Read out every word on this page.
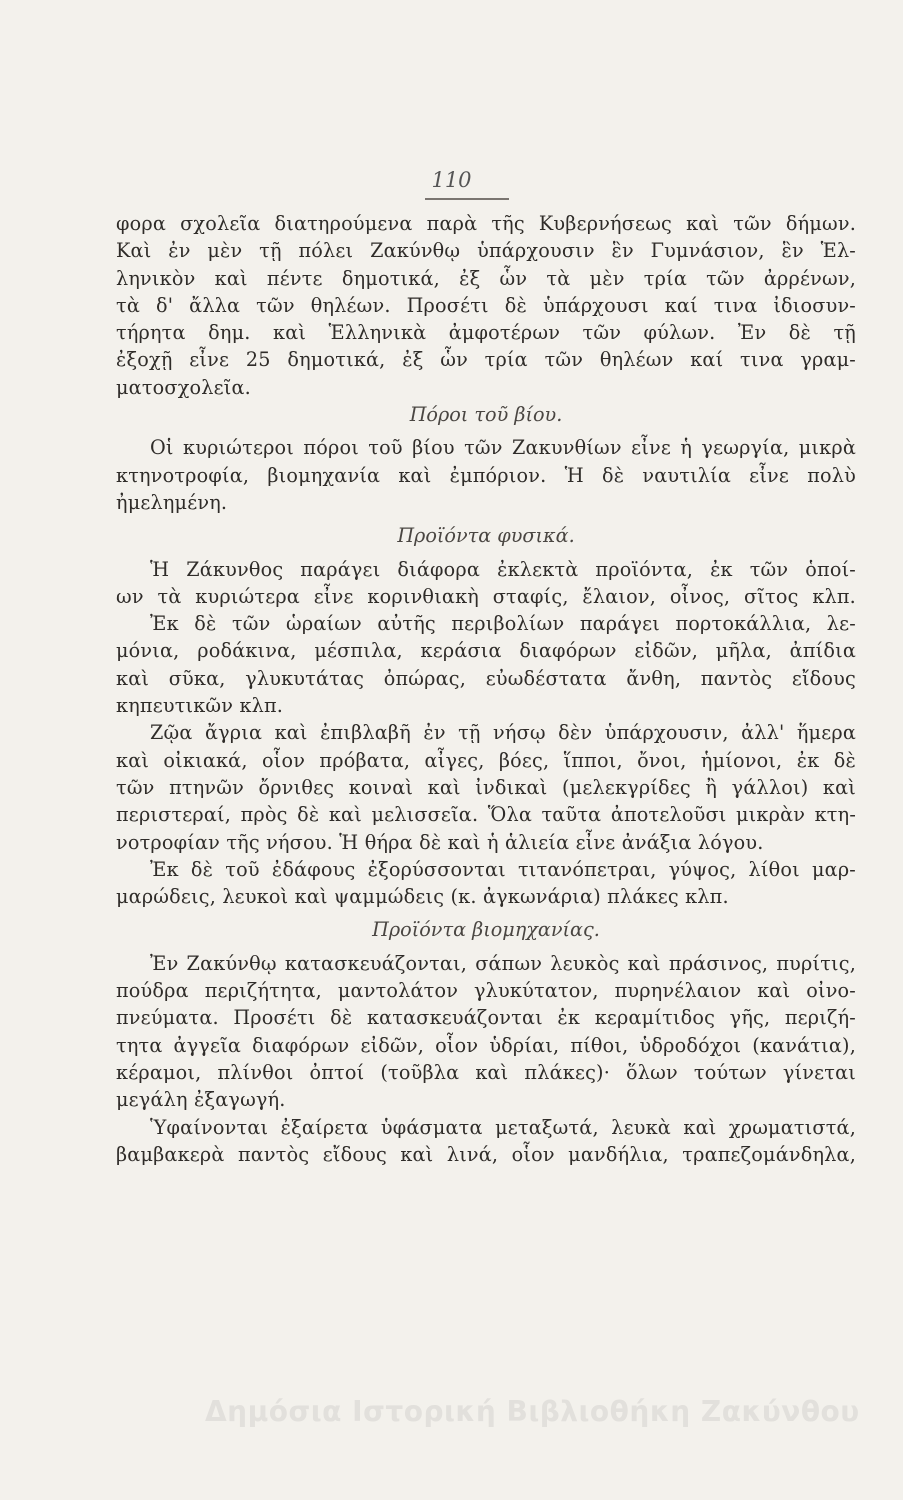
110
φορα σχολεῖα διατηρούμενα παρὰ τῆς Κυβερνήσεως καὶ τῶν δήμων.
Καὶ ἐν μὲν τῇ πόλει Ζακύνθῳ ὑπάρχουσιν ἓν Γυμνάσιον, ἓν Ἑλ-
ληνικὸν καὶ πέντε δημοτικά, ἐξ ὧν τὰ μὲν τρία τῶν ἀρρένων,
τὰ δ' ἄλλα τῶν θηλέων. Προσέτι δὲ ὑπάρχουσι καί τινα ἰδιοσυν-
τήρητα δημ. καὶ Ἑλληνικὰ ἀμφοτέρων τῶν φύλων. Ἐν δὲ τῇ
ἐξοχῇ εἶνε 25 δημοτικά, ἐξ ὧν τρία τῶν θηλέων καί τινα γραμ-
ματοσχολεῖα.
Πόροι τοῦ βίου.
Οἱ κυριώτεροι πόροι τοῦ βίου τῶν Ζακυνθίων εἶνε ἡ γεωργία, μικρὰ
κτηνοτροφία, βιομηχανία καὶ ἐμπόριον. Ἡ δὲ ναυτιλία εἶνε πολὺ
ἠμελημένη.
Προϊόντα φυσικά.
Ἡ Ζάκυνθος παράγει διάφορα ἐκλεκτὰ προϊόντα, ἐκ τῶν ὁποί-
ων τὰ κυριώτερα εἶνε κορινθιακὴ σταφίς, ἔλαιον, οἶνος, σῖτος κλπ.
Ἐκ δὲ τῶν ὡραίων αὐτῆς περιβολίων παράγει πορτοκάλλια, λε-
μόνια, ροδάκινα, μέσπιλα, κεράσια διαφόρων εἰδῶν, μῆλα, ἀπίδια
καὶ σῦκα, γλυκυτάτας ὀπώρας, εὐωδέστατα ἄνθη, παντὸς εἴδους
κηπευτικῶν κλπ.
Ζῷα ἄγρια καὶ ἐπιβλαβῆ ἐν τῇ νήσῳ δὲν ὑπάρχουσιν, ἀλλ' ἥμερα
καὶ οἰκιακά, οἷον πρόβατα, αἶγες, βόες, ἵπποι, ὄνοι, ἡμίονοι, ἐκ δὲ
τῶν πτηνῶν ὄρνιθες κοιναὶ καὶ ἰνδικαὶ (μελεκγρίδες ἢ γάλλοι) καὶ
περιστεραί, πρὸς δὲ καὶ μελισσεῖα. Ὅλα ταῦτα ἀποτελοῦσι μικρὰν κτη-
νοτροφίαν τῆς νήσου. Ἡ θήρα δὲ καὶ ἡ ἁλιεία εἶνε ἀνάξια λόγου.
Ἐκ δὲ τοῦ ἐδάφους ἐξορύσσονται τιτανόπετραι, γύψος, λίθοι μαρ-
μαρώδεις, λευκοὶ καὶ ψαμμώδεις (κ. ἀγκωνάρια) πλάκες κλπ.
Προϊόντα βιομηχανίας.
Ἐν Ζακύνθῳ κατασκευάζονται, σάπων λευκὸς καὶ πράσινος, πυρίτις,
πούδρα περιζήτητα, μαντολάτον γλυκύτατον, πυρηνέλαιον καὶ οἰνο-
πνεύματα. Προσέτι δὲ κατασκευάζονται ἐκ κεραμίτιδος γῆς, περιζή-
τητα ἀγγεῖα διαφόρων εἰδῶν, οἷον ὑδρίαι, πίθοι, ὑδροδόχοι (κανάτια),
κέραμοι, πλίνθοι ὀπτοί (τοῦβλα καὶ πλάκες)· ὅλων τούτων γίνεται
μεγάλη ἐξαγωγή.
Ὑφαίνονται ἐξαίρετα ὑφάσματα μεταξωτά, λευκὰ καὶ χρωματιστά,
βαμβακερὰ παντὸς εἴδους καὶ λινά, οἷον μανδήλια, τραπεζομάνδηλα,
Δημόσια Ιστορική Βιβλιοθήκη Ζακύνθου
